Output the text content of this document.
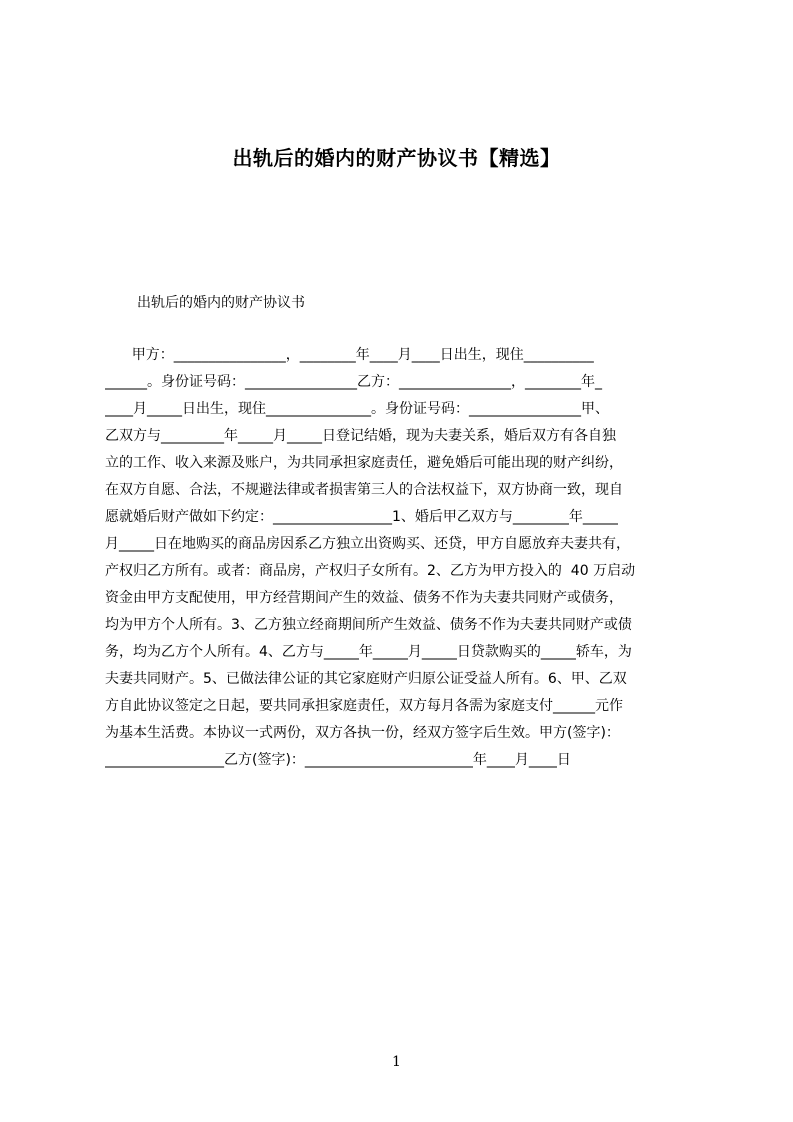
出轨后的婚内的财产协议书【精选】
出轨后的婚内的财产协议书
甲方：________________，________年____月____日出生，现住__________
______。身份证号码：________________乙方：________________，________年_
____月_____日出生，现住_______________。身份证号码：________________甲、
乙双方与_________年_____月_____日登记结婚，现为夫妻关系，婚后双方有各自独
立的工作、收入来源及账户，为共同承担家庭责任，避免婚后可能出现的财产纠纷，
在双方自愿、合法，不规避法律或者损害第三人的合法权益下，双方协商一致，现自
愿就婚后财产做如下约定：_________________1、婚后甲乙双方与________年_____
月_____日在地购买的商品房因系乙方独立出资购买、还贷，甲方自愿放弃夫妻共有，
产权归乙方所有。或者：商品房，产权归子女所有。2、乙方为甲方投入的  40 万启动
资金由甲方支配使用，甲方经营期间产生的效益、债务不作为夫妻共同财产或债务，
均为甲方个人所有。3、乙方独立经商期间所产生效益、债务不作为夫妻共同财产或债
务，均为乙方个人所有。4、乙方与_____年_____月_____日贷款购买的_____轿车，为
夫妻共同财产。5、已做法律公证的其它家庭财产归原公证受益人所有。6、甲、乙双
方自此协议签定之日起，要共同承担家庭责任，双方每月各需为家庭支付______元作
为基本生活费。本协议一式两份，双方各执一份，经双方签字后生效。甲方(签字)：
_________________乙方(签字)：________________________年____月____日
1
